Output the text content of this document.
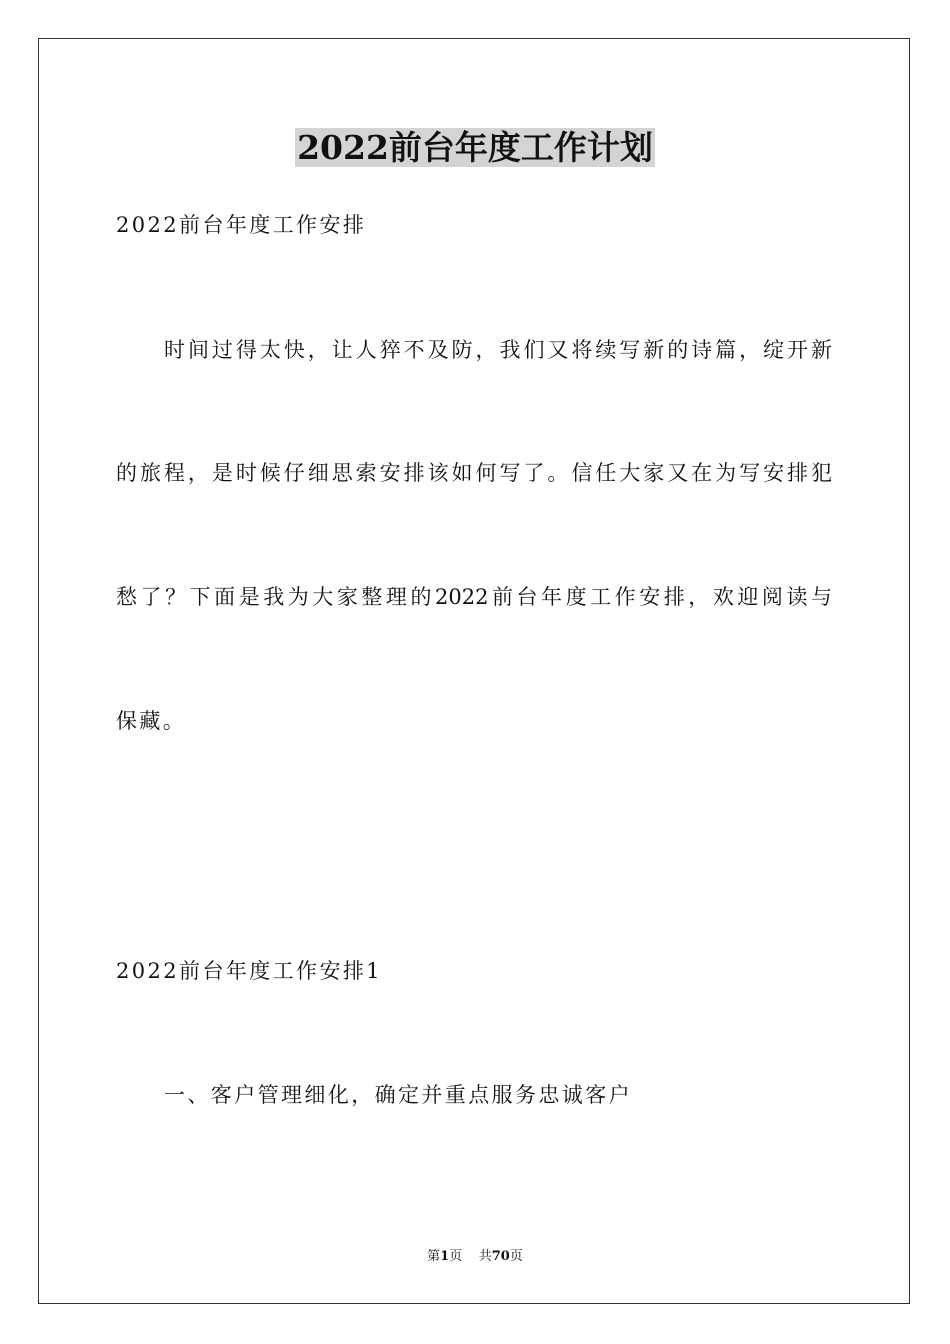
2022前台年度工作计划
2022前台年度工作安排
时间过得太快，让人猝不及防，我们又将续写新的诗篇，绽开新
的旅程，是时候仔细思索安排该如何写了。信任大家又在为写安排犯
愁了？下面是我为大家整理的2022前台年度工作安排，欢迎阅读与
保藏。
2022前台年度工作安排1
一、客户管理细化，确定并重点服务忠诚客户
第1页 共70页
